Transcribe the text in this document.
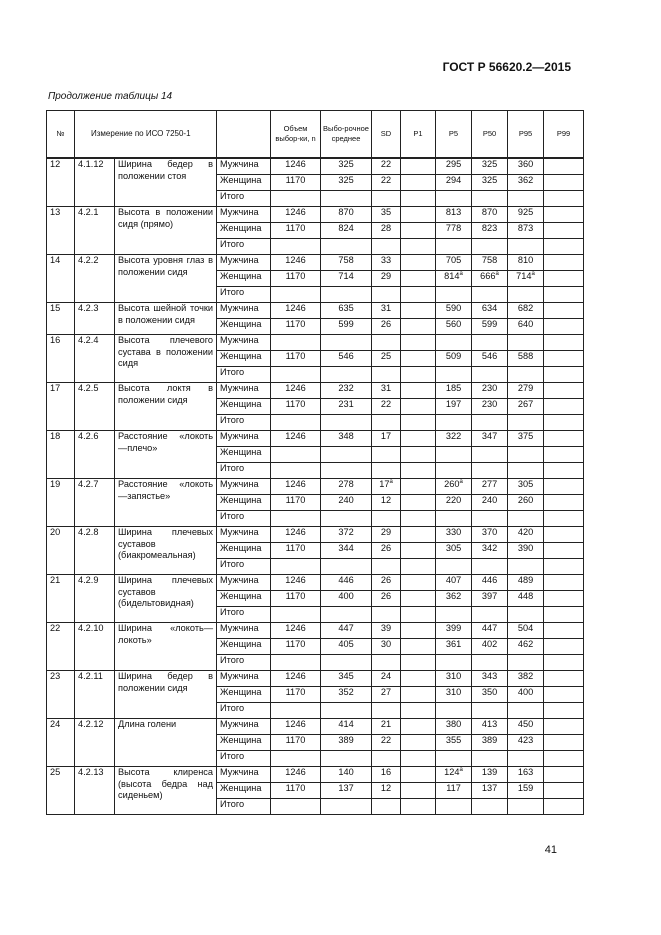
ГОСТ Р 56620.2—2015
Продолжение таблицы 14
№	Измерение по ИСО 7250-1			Объем выбор-ки, n	Выбо-рочное среднее	SD	P1	P5	P50	P95	P99
12	4.1.12	Ширина бедер в положении стоя	Мужчина	1246	325	22		295	325	360	
			Женщина	1170	325	22		294	325	362	
			Итого								
13	4.2.1	Высота в положении сидя (прямо)	Мужчина	1246	870	35		813	870	925	
			Женщина	1170	824	28		778	823	873	
			Итого								
14	4.2.2	Высота уровня глаз в положении сидя	Мужчина	1246	758	33		705	758	810	
			Женщина	1170	714	29		814$^a$	666$^a$	714$^a$	
			Итого								
15	4.2.3	Высота шейной точки в положении сидя	Мужчина	1246	635	31		590	634	682	
			Женщина	1170	599	26		560	599	640	
16	4.2.4	Высота плечевого сустава в положении сидя	Мужчина								
			Женщина	1170	546	25		509	546	588	
			Итого								
17	4.2.5	Высота локтя в положении сидя	Мужчина	1246	232	31		185	230	279	
			Женщина	1170	231	22		197	230	267	
			Итого								
18	4.2.6	Расстояние «локоть—плечо»	Мужчина	1246	348	17		322	347	375	
			Женщина								
			Итого								
19	4.2.7	Расстояние «локоть—запястье»	Мужчина	1246	278	17$^a$		260$^a$	277	305	
			Женщина	1170	240	12		220	240	260	
			Итого								
20	4.2.8	Ширина плечевых суставов (биакромеальная)	Мужчина	1246	372	29		330	370	420	
			Женщина	1170	344	26		305	342	390	
			Итого								
21	4.2.9	Ширина плечевых суставов (бидельтовидная)	Мужчина	1246	446	26		407	446	489	
			Женщина	1170	400	26		362	397	448	
			Итого								
22	4.2.10	Ширина «локоть—локоть»	Мужчина	1246	447	39		399	447	504	
			Женщина	1170	405	30		361	402	462	
			Итого								
23	4.2.11	Ширина бедер в положении сидя	Мужчина	1246	345	24		310	343	382	
			Женщина	1170	352	27		310	350	400	
			Итого								
24	4.2.12	Длина голени	Мужчина	1246	414	21		380	413	450	
			Женщина	1170	389	22		355	389	423	
			Итого								
25	4.2.13	Высота клиренса (высота бедра над сиденьем)	Мужчина	1246	140	16		124$^a$	139	163	
			Женщина	1170	137	12		117	137	159	
			Итого								
41
